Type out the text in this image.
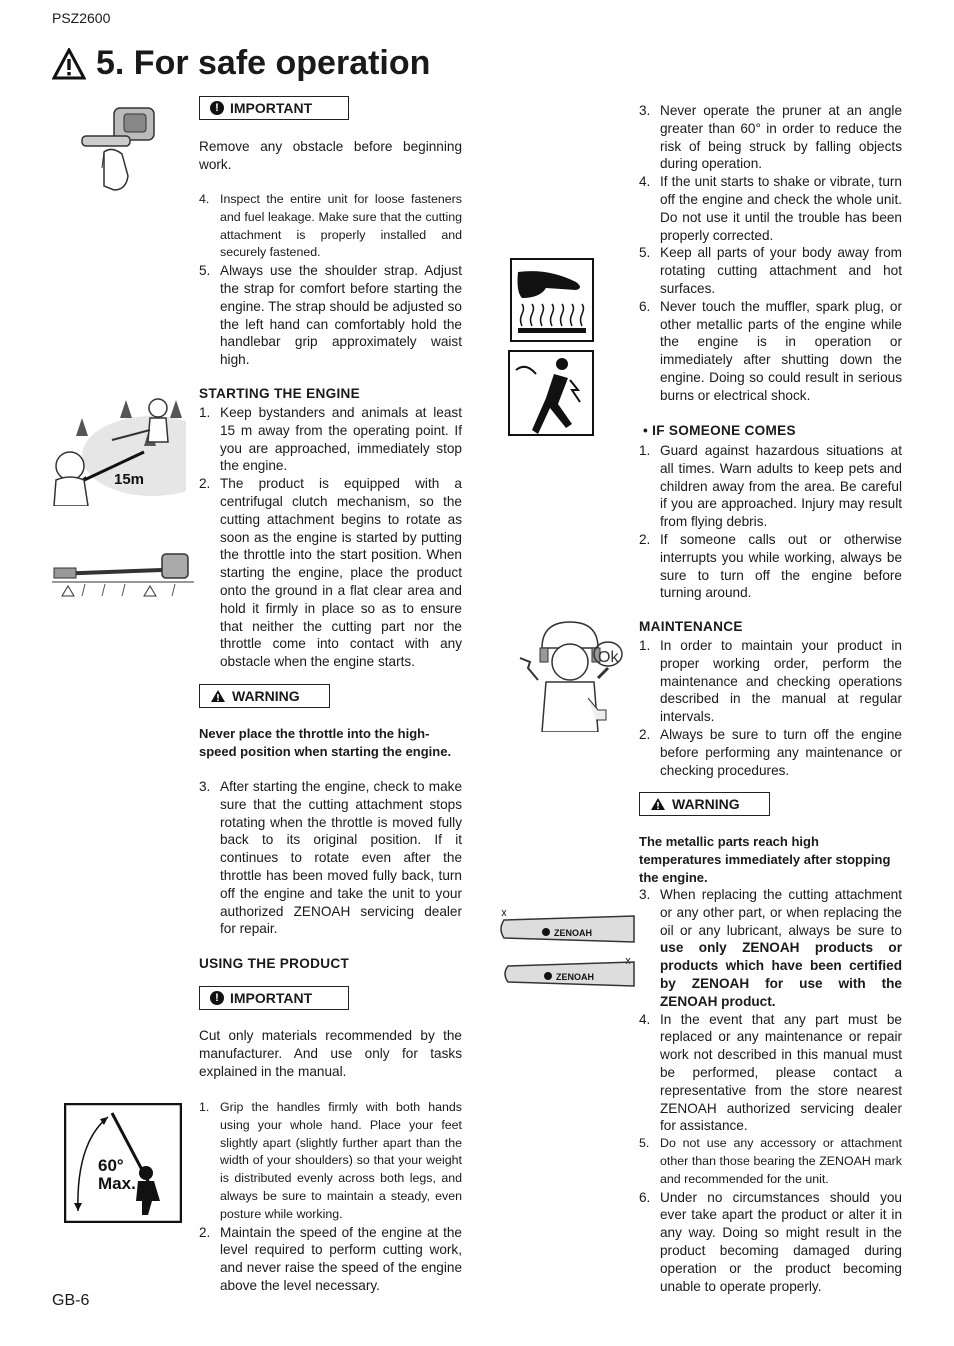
PSZ2600
5. For safe operation
! IMPORTANT
Remove any obstacle before beginning work.
4. Inspect the entire unit for loose fasteners and fuel leakage. Make sure that the cutting attachment is properly installed and securely fastened.
5. Always use the shoulder strap. Adjust the strap for comfort before starting the engine. The strap should be adjusted so the left hand can comfortably hold the handlebar grip approximately waist high.
STARTING THE ENGINE
15m
1. Keep bystanders and animals at least 15 m away from the operating point. If you are approached, immediately stop the engine.
2. The product is equipped with a centrifugal clutch mechanism, so the cutting attachment begins to rotate as soon as the engine is started by putting the throttle into the start position. When starting the engine, place the product onto the ground in a flat clear area and hold it firmly in place so as to ensure that neither the cutting part nor the throttle come into contact with any obstacle when the engine starts.
WARNING
Never place the throttle into the high-speed position when starting the engine.
3. After starting the engine, check to make sure that the cutting attachment stops rotating when the throttle is moved fully back to its original position. If it continues to rotate even after the throttle has been moved fully back, turn off the engine and take the unit to your authorized ZENOAH servicing dealer for repair.
USING THE PRODUCT
! IMPORTANT
Cut only materials recommended by the manufacturer. And use only for tasks explained in the manual.
60°
Max.
1. Grip the handles firmly with both hands using your whole hand. Place your feet slightly apart (slightly further apart than the width of your shoulders) so that your weight is distributed evenly across both legs, and always be sure to maintain a steady, even posture while working.
2. Maintain the speed of the engine at the level required to perform cutting work, and never raise the speed of the engine above the level necessary.
3. Never operate the pruner at an angle greater than 60° in order to reduce the risk of being struck by falling objects during operation.
4. If the unit starts to shake or vibrate, turn off the engine and check the whole unit. Do not use it until the trouble has been properly corrected.
5. Keep all parts of your body away from rotating cutting attachment and hot surfaces.
6. Never touch the muffler, spark plug, or other metallic parts of the engine while the engine is in operation or immediately after shutting down the engine. Doing so could result in serious burns or electrical shock.
• IF SOMEONE COMES
1. Guard against hazardous situations at all times. Warn adults to keep pets and children away from the area. Be careful if you are approached. Injury may result from flying debris.
2. If someone calls out or otherwise interrupts you while working, always be sure to turn off the engine before turning around.
MAINTENANCE
Ok
1. In order to maintain your product in proper working order, perform the maintenance and checking operations described in the manual at regular intervals.
2. Always be sure to turn off the engine before performing any maintenance or checking procedures.
WARNING
The metallic parts reach high temperatures immediately after stopping the engine.
ZENOAH
ZENOAH
3. When replacing the cutting attachment or any other part, or when replacing the oil or any lubricant, always be sure to use only ZENOAH products or products which have been certified by ZENOAH for use with the ZENOAH product.
4. In the event that any part must be replaced or any maintenance or repair work not described in this manual must be performed, please contact a representative from the store nearest ZENOAH authorized servicing dealer for assistance.
5. Do not use any accessory or attachment other than those bearing the ZENOAH mark and recommended for the unit.
6. Under no circumstances should you ever take apart the product or alter it in any way. Doing so might result in the product becoming damaged during operation or the product becoming unable to operate properly.
GB-6
